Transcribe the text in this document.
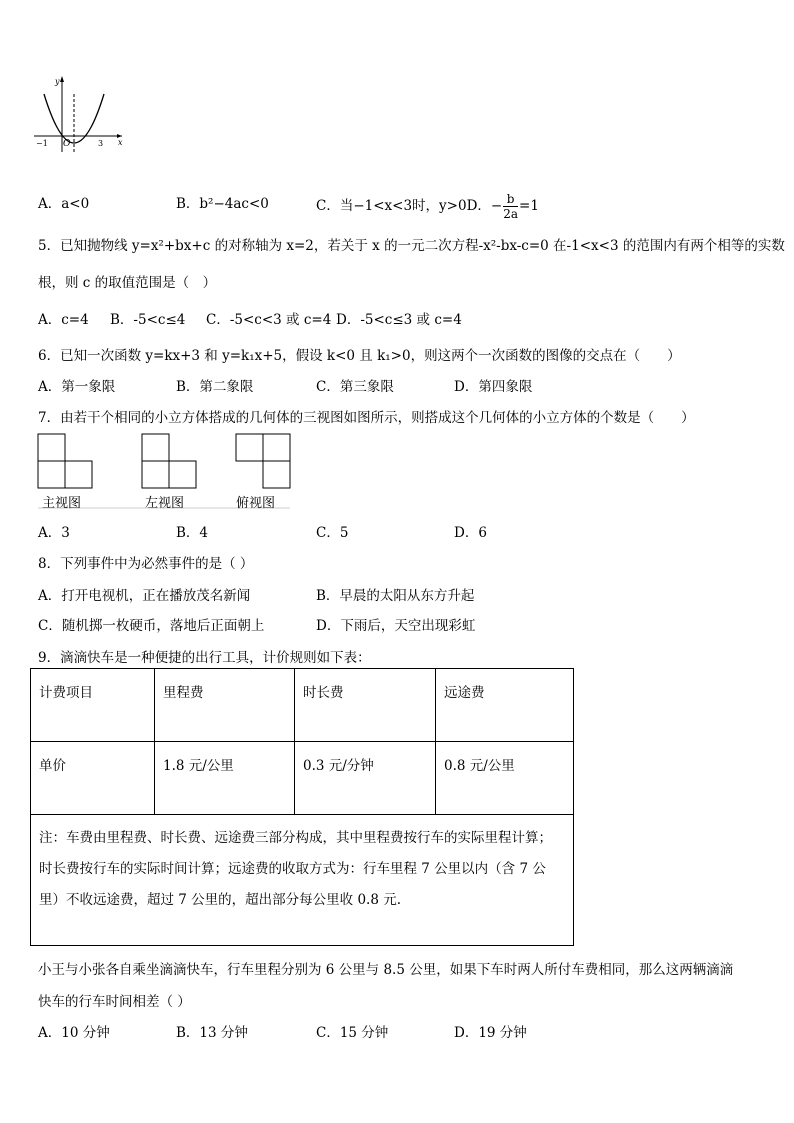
y
x
O
−1	3
A．a<0	B．b²−4ac<0	C．当−1<x<3时，y>0D．− $\frac{b}{2a} =1$
5．已知抛物线 y=x²+bx+c 的对称轴为 x=2，若关于 x 的一元二次方程-x²-bx-c=0 在-1<x<3 的范围内有两个相等的实数
根，则 c 的取值范围是（　）
A．c=4 B．-5<c≤4 C．-5<c<3 或 c=4 D．-5<c≤3 或 c=4
6．已知一次函数 y=kx+3 和 y=k₁x+5，假设 k<0 且 k₁>0，则这两个一次函数的图像的交点在（　　）
A．第一象限	B．第二象限	C．第三象限	D．第四象限
7．由若干个相同的小立方体搭成的几何体的三视图如图所示，则搭成这个几何体的小立方体的个数是（　　）
主视图	左视图	俯视图
A．3	B．4	C．5	D．6
8．下列事件中为必然事件的是（ ）
A．打开电视机，正在播放茂名新闻	B．早晨的太阳从东方升起
C．随机掷一枚硬币，落地后正面朝上	D．下雨后，天空出现彩虹
9．滴滴快车是一种便捷的出行工具，计价规则如下表：
计费项目	里程费	时长费	远途费
单价	1.8 元/公里	0.3 元/分钟	0.8 元/公里
注：车费由里程费、时长费、远途费三部分构成，其中里程费按行车的实际里程计算；时长费按行车的实际时间计算；远途费的收取方式为：行车里程 7 公里以内（含 7 公里）不收远途费，超过 7 公里的，超出部分每公里收 0.8 元.			
小王与小张各自乘坐滴滴快车，行车里程分别为 6 公里与 8.5 公里，如果下车时两人所付车费相同，那么这两辆滴滴
快车的行车时间相差（ ）
A．10 分钟	B．13 分钟	C．15 分钟	D．19 分钟
